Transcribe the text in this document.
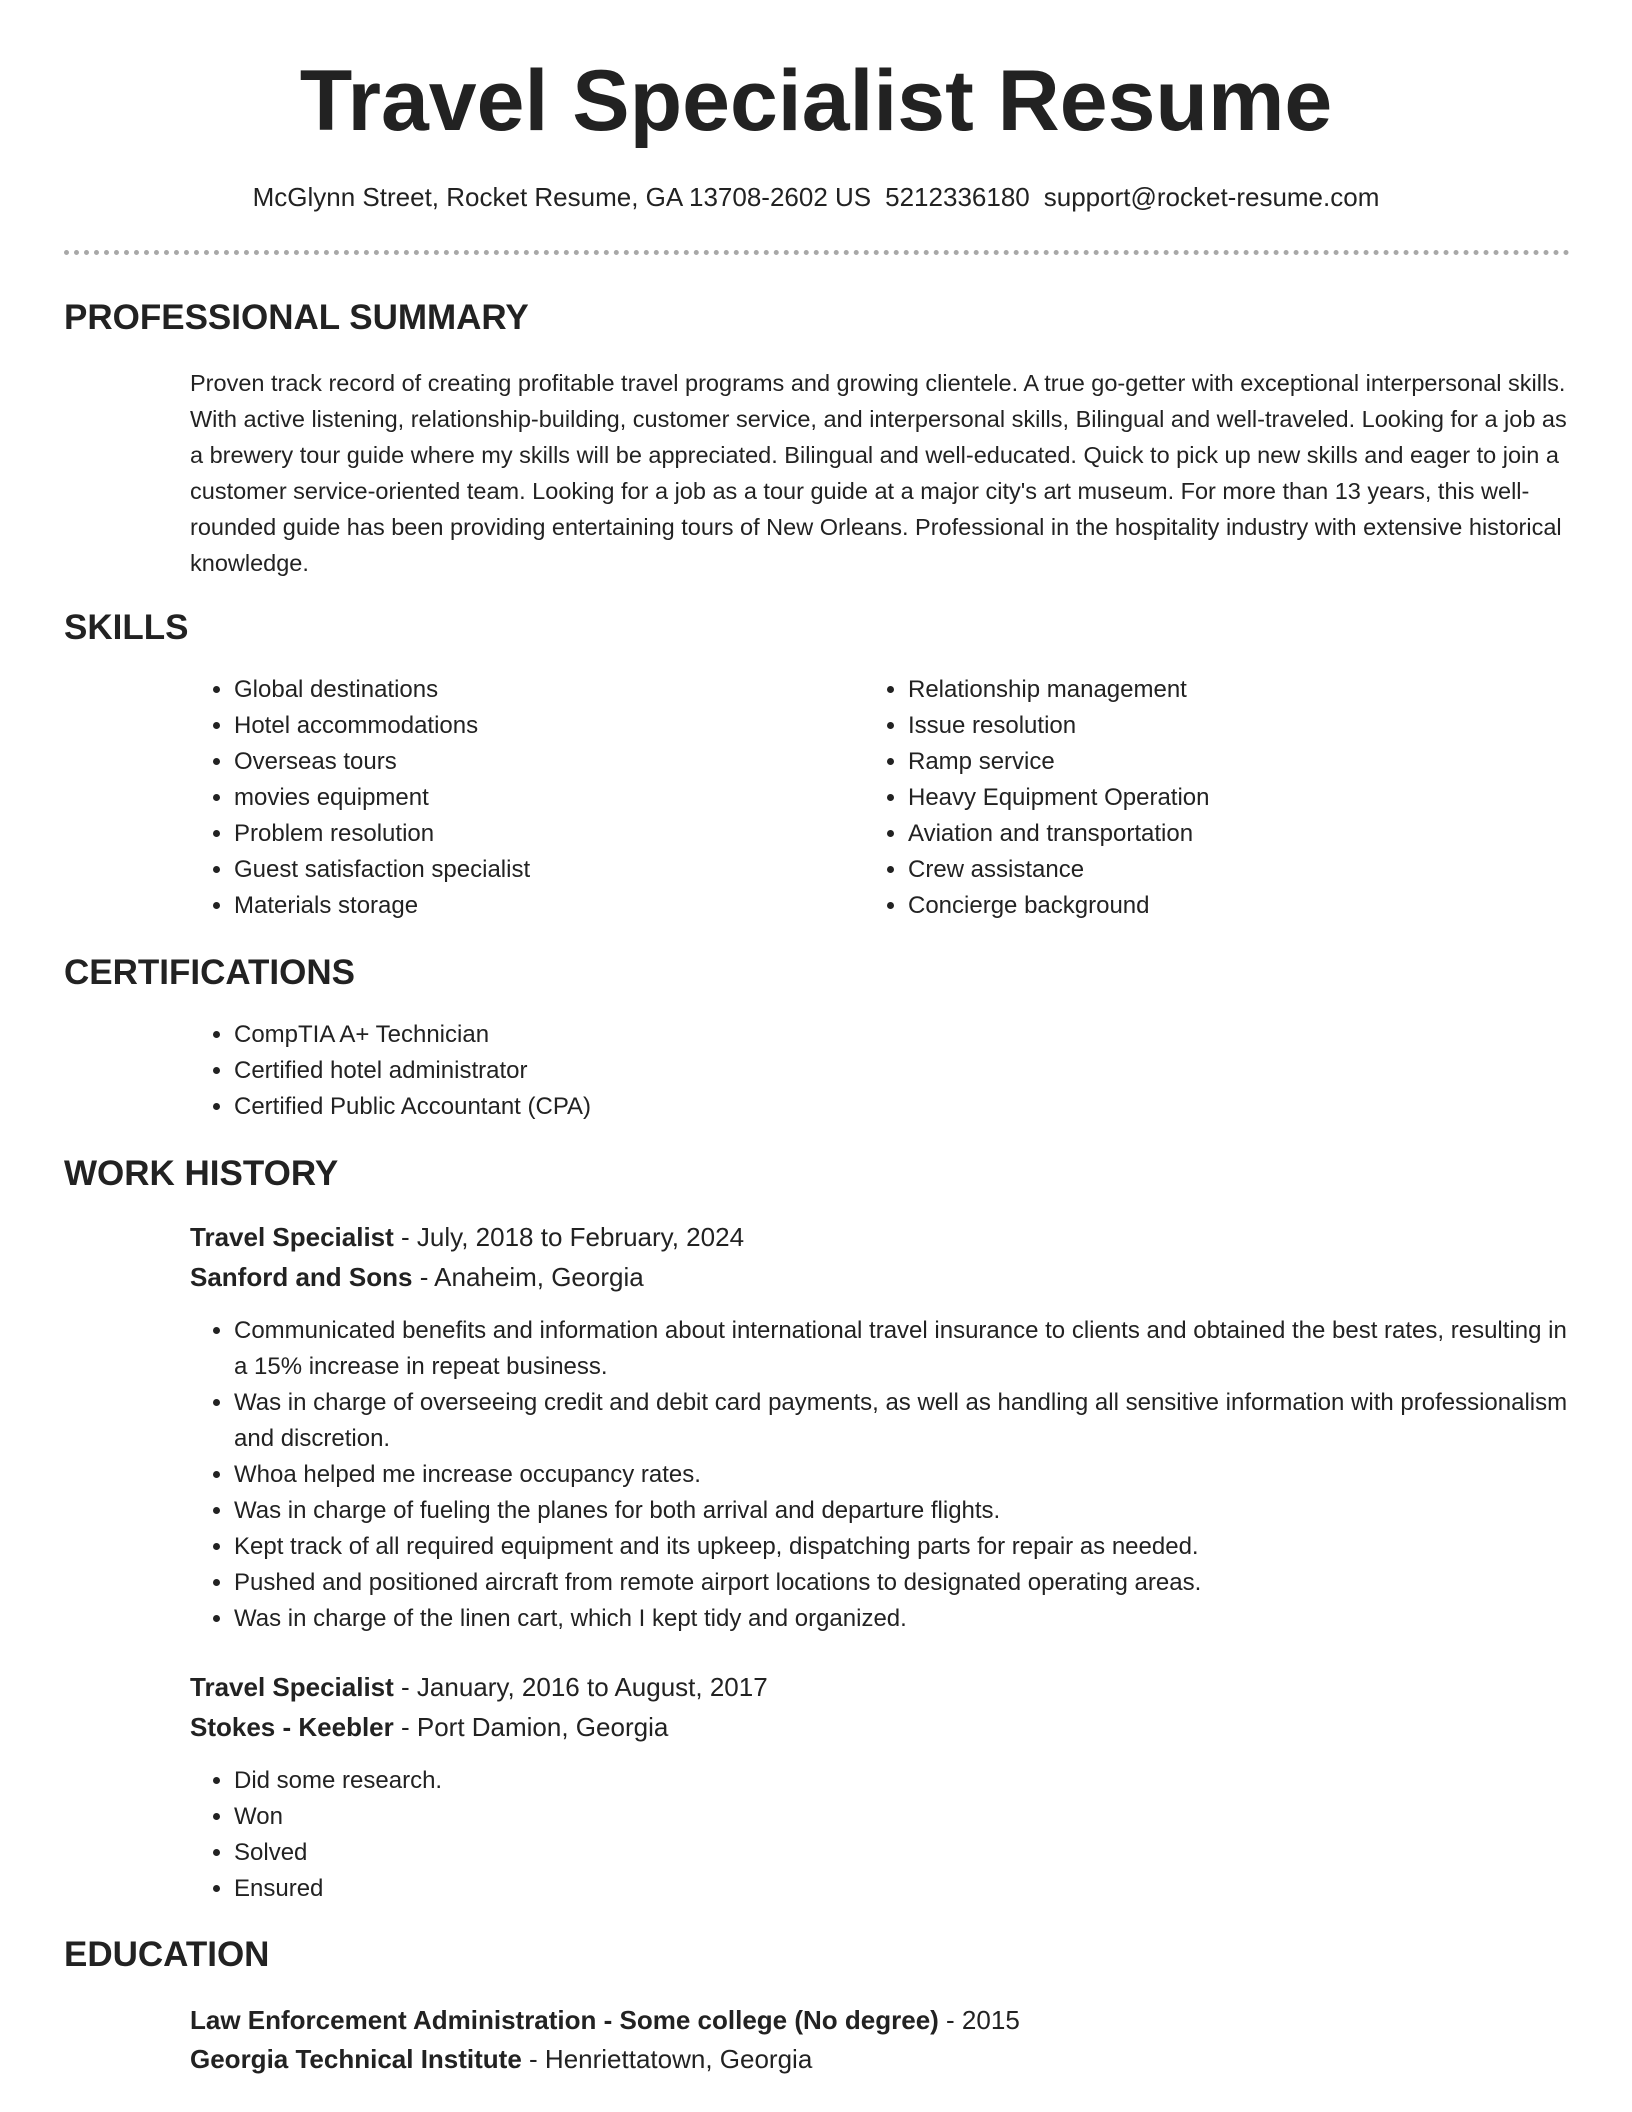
Travel Specialist Resume
McGlynn Street, Rocket Resume, GA 13708-2602 US 5212336180 support@rocket-resume.com
PROFESSIONAL SUMMARY

Proven track record of creating profitable travel programs and growing clientele. A true go-getter with exceptional interpersonal skills. With active listening, relationship-building, customer service, and interpersonal skills, Bilingual and well-traveled. Looking for a job as a brewery tour guide where my skills will be appreciated. Bilingual and well-educated. Quick to pick up new skills and eager to join a customer service-oriented team. Looking for a job as a tour guide at a major city's art museum. For more than 13 years, this well-rounded guide has been providing entertaining tours of New Orleans. Professional in the hospitality industry with extensive historical knowledge.

SKILLS
• Global destinations
• Hotel accommodations
• Overseas tours
• movies equipment
• Problem resolution
• Guest satisfaction specialist
• Materials storage
• Relationship management
• Issue resolution
• Ramp service
• Heavy Equipment Operation
• Aviation and transportation
• Crew assistance
• Concierge background
CERTIFICATIONS
• CompTIA A+ Technician
• Certified hotel administrator
• Certified Public Accountant (CPA)
WORK HISTORY
Travel Specialist - July, 2018 to February, 2024
Sanford and Sons - Anaheim, Georgia
• Communicated benefits and information about international travel insurance to clients and obtained the best rates, resulting in a 15% increase in repeat business.
• Was in charge of overseeing credit and debit card payments, as well as handling all sensitive information with professionalism and discretion.
• Whoa helped me increase occupancy rates.
• Was in charge of fueling the planes for both arrival and departure flights.
• Kept track of all required equipment and its upkeep, dispatching parts for repair as needed.
• Pushed and positioned aircraft from remote airport locations to designated operating areas.
• Was in charge of the linen cart, which I kept tidy and organized.
Travel Specialist - January, 2016 to August, 2017
Stokes - Keebler - Port Damion, Georgia
• Did some research.
• Won
• Solved
• Ensured
EDUCATION
Law Enforcement Administration - Some college (No degree) - 2015
Georgia Technical Institute - Henriettatown, Georgia
